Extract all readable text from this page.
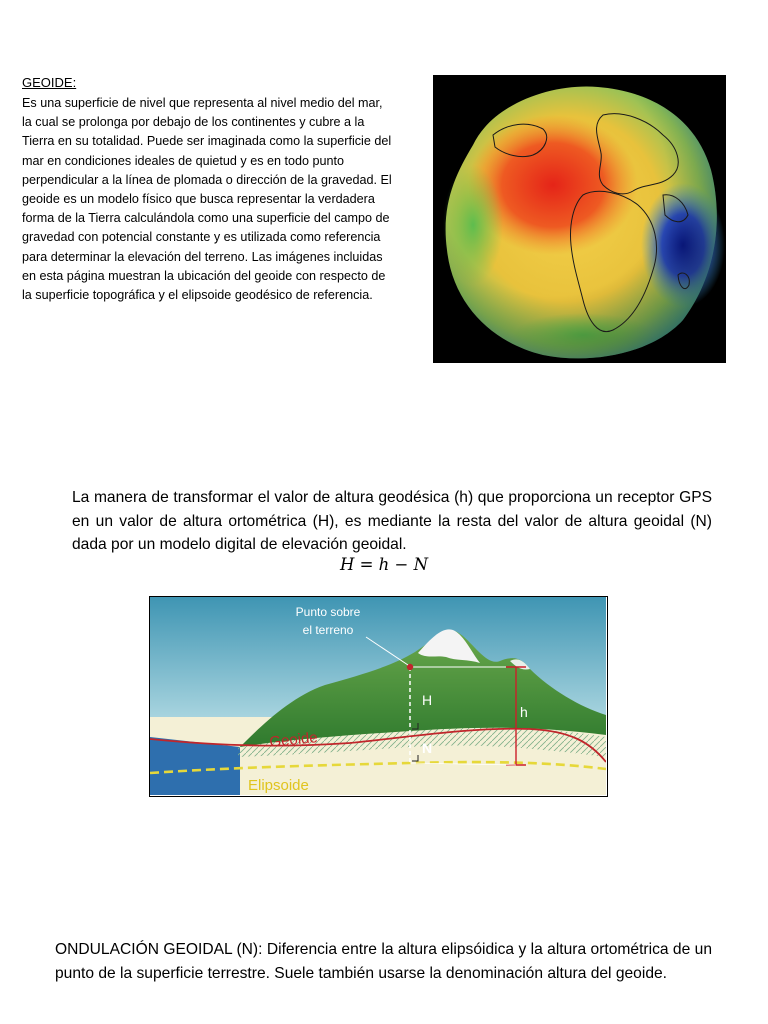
GEOIDE:

Es una superficie de nivel que representa al nivel medio del mar, la cual se prolonga por debajo de los continentes y cubre a la Tierra en su totalidad. Puede ser imaginada como la superficie del mar en condiciones ideales de quietud y es en todo punto perpendicular a la línea de plomada o dirección de la gravedad. El geoide es un modelo físico que busca representar la verdadera forma de la Tierra calculándola como una superficie del campo de gravedad con potencial constante y es utilizada como referencia para determinar la elevación del terreno. Las imágenes incluidas en esta página muestran la ubicación del geoide con respecto de la superficie topográfica y el elipsoide geodésico de referencia.

La manera de transformar el valor de altura geodésica (h) que proporciona un receptor GPS en un valor de altura ortométrica (H), es mediante la resta del valor de altura geoidal (N) dada por un modelo digital de elevación geoidal.

H = h − N

Punto sobre
el terreno
H
h
N
Geoide
Elipsoide

ONDULACIÓN GEOIDAL (N): Diferencia entre la altura elipsóidica y la altura ortométrica de un punto de la superficie terrestre. Suele también usarse la denominación altura del geoide.
